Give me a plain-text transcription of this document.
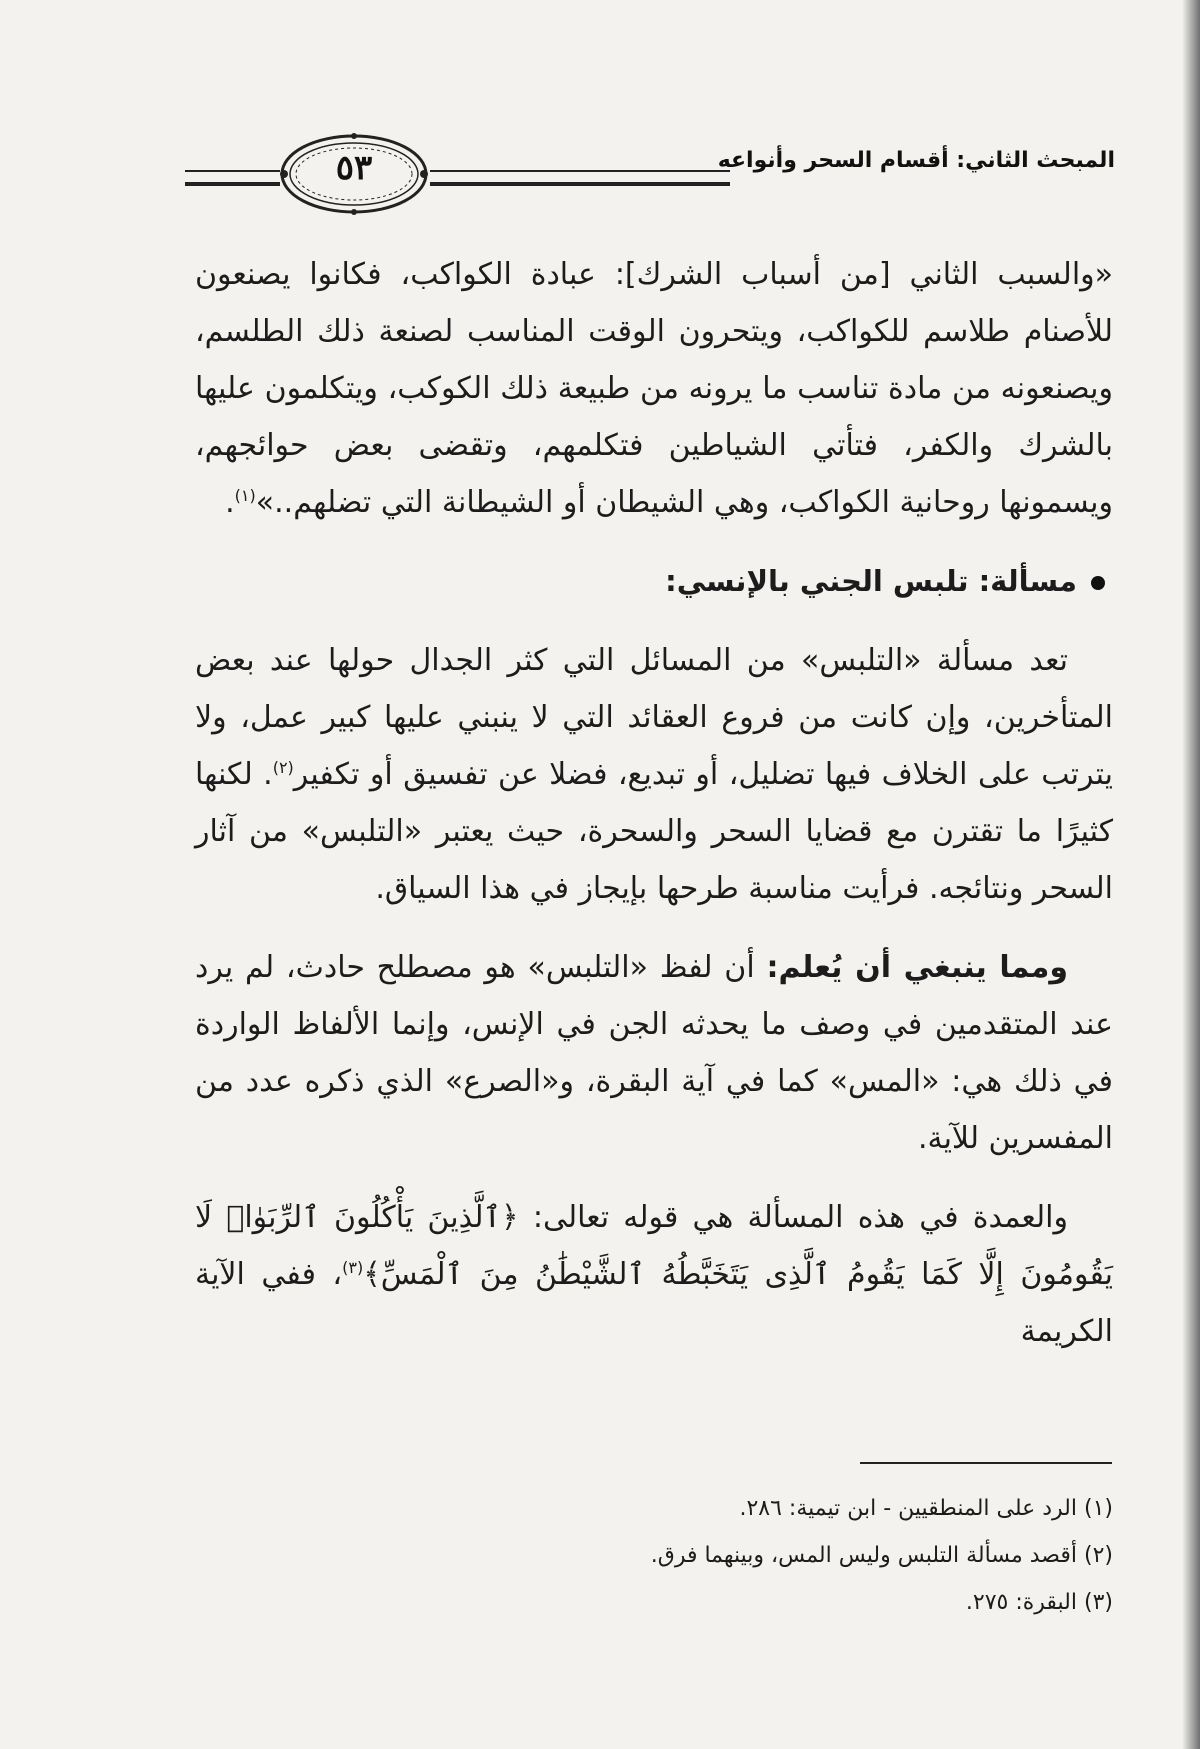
٥٣	المبحث الثاني: أقسام السحر وأنواعه

«والسبب الثاني [من أسباب الشرك]: عبادة الكواكب، فكانوا يصنعون للأصنام طلاسم للكواكب، ويتحرون الوقت المناسب لصنعة ذلك الطلسم، ويصنعونه من مادة تناسب ما يرونه من طبيعة ذلك الكوكب، ويتكلمون عليها بالشرك والكفر، فتأتي الشياطين فتكلمهم، وتقضى بعض حوائجهم، ويسمونها روحانية الكواكب، وهي الشيطان أو الشيطانة التي تضلهم..»$^{(١)}$.

مسألة: تلبس الجني بالإنسي:

تعد مسألة «التلبس» من المسائل التي كثر الجدال حولها عند بعض المتأخرين، وإن كانت من فروع العقائد التي لا ينبني عليها كبير عمل، ولا يترتب على الخلاف فيها تضليل، أو تبديع، فضلا عن تفسيق أو تكفير$^{(٢)}$. لكنها كثيرًا ما تقترن مع قضايا السحر والسحرة، حيث يعتبر «التلبس» من آثار السحر ونتائجه. فرأيت مناسبة طرحها بإيجاز في هذا السياق.

ومما ينبغي أن يُعلم: أن لفظ «التلبس» هو مصطلح حادث، لم يرد عند المتقدمين في وصف ما يحدثه الجن في الإنس، وإنما الألفاظ الواردة في ذلك هي: «المس» كما في آية البقرة، و«الصرع» الذي ذكره عدد من المفسرين للآية.

والعمدة في هذه المسألة هي قوله تعالى: ﴿ٱلَّذِينَ يَأْكُلُونَ ٱلرِّبَوٰا۟ لَا يَقُومُونَ إِلَّا كَمَا يَقُومُ ٱلَّذِى يَتَخَبَّطُهُ ٱلشَّيْطَٰنُ مِنَ ٱلْمَسِّ﴾$^{(٣)}$، ففي الآية الكريمة

(١) الرد على المنطقيين - ابن تيمية: ٢٨٦.
(٢) أقصد مسألة التلبس وليس المس، وبينهما فرق.
(٣) البقرة: ٢٧٥.
